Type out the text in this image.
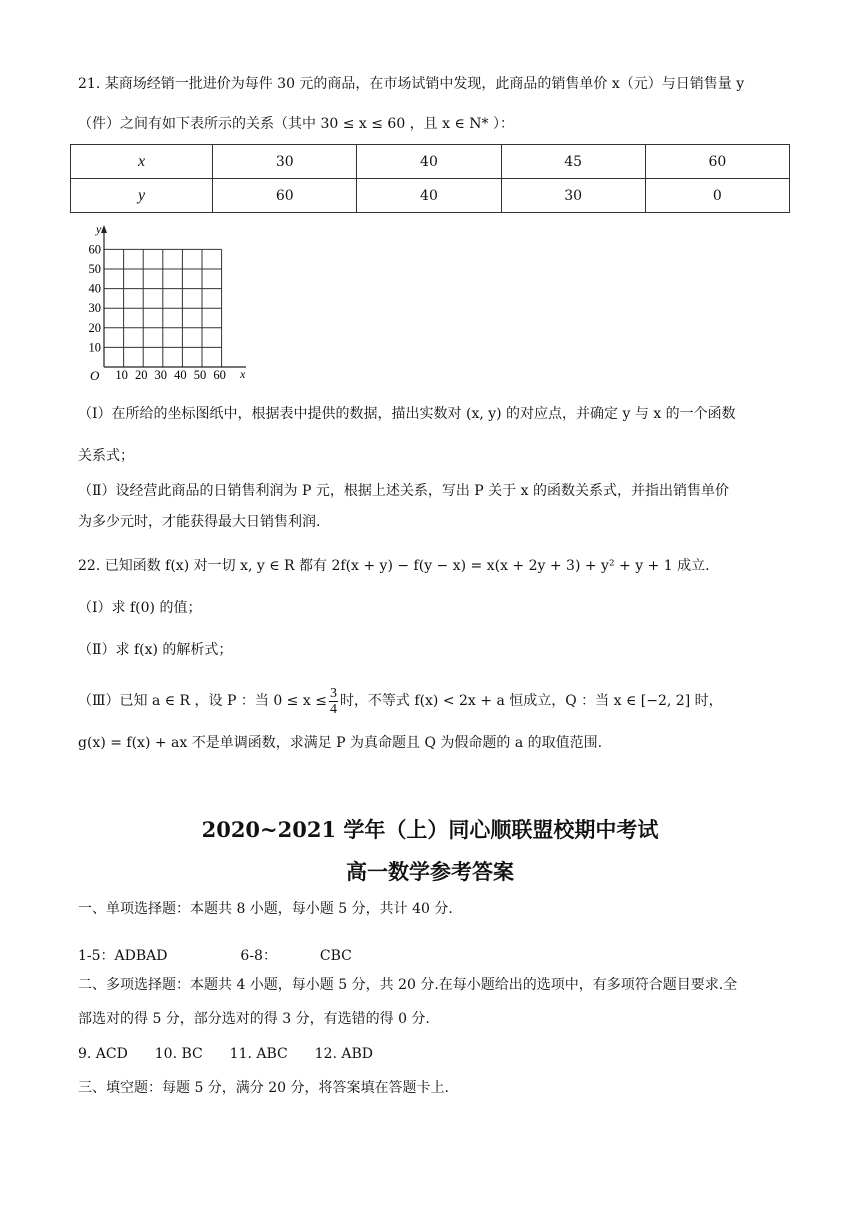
21. 某商场经销一批进价为每件 30 元的商品，在市场试销中发现，此商品的销售单价 x（元）与日销售量 y
（件）之间有如下表所示的关系（其中 30 ≤ x ≤ 60 ，且 x ∈ N* ）：
x	30	40	45	60
y	60	40	30	0
y
x
O
60
50
40
30
20
10
10 20 30 40 50 60
（Ⅰ）在所给的坐标图纸中，根据表中提供的数据，描出实数对 (x, y) 的对应点，并确定 y 与 x 的一个函数
关系式；
（Ⅱ）设经营此商品的日销售利润为 P 元，根据上述关系，写出 P 关于 x 的函数关系式，并指出销售单价
为多少元时，才能获得最大日销售利润.
22. 已知函数 f(x) 对一切 x, y ∈ R 都有 2f(x + y) − f(y − x) = x(x + 2y + 3) + y² + y + 1 成立.
（Ⅰ）求 f(0) 的值；
（Ⅱ）求 f(x) 的解析式；
（Ⅲ）已知 a ∈ R ，设 P ：当 $0 \le x \le \frac{3}{4}$ 时，不等式 f(x) < 2x + a 恒成立，Q ：当 x ∈ [−2, 2] 时，
g(x) = f(x) + ax 不是单调函数，求满足 P 为真命题且 Q 为假命题的 a 的取值范围.
2020~2021 学年（上）同心顺联盟校期中考试
高一数学参考答案
一、单项选择题：本题共 8 小题，每小题 5 分，共计 40 分.
1-5：ADBAD	6-8：	CBC
二、多项选择题：本题共 4 小题，每小题 5 分，共 20 分.在每小题给出的选项中，有多项符合题目要求.全
部选对的得 5 分，部分选对的得 3 分，有选错的得 0 分.
9. ACD 10. BC 11. ABC 12. ABD
三、填空题：每题 5 分，满分 20 分，将答案填在答题卡上.
